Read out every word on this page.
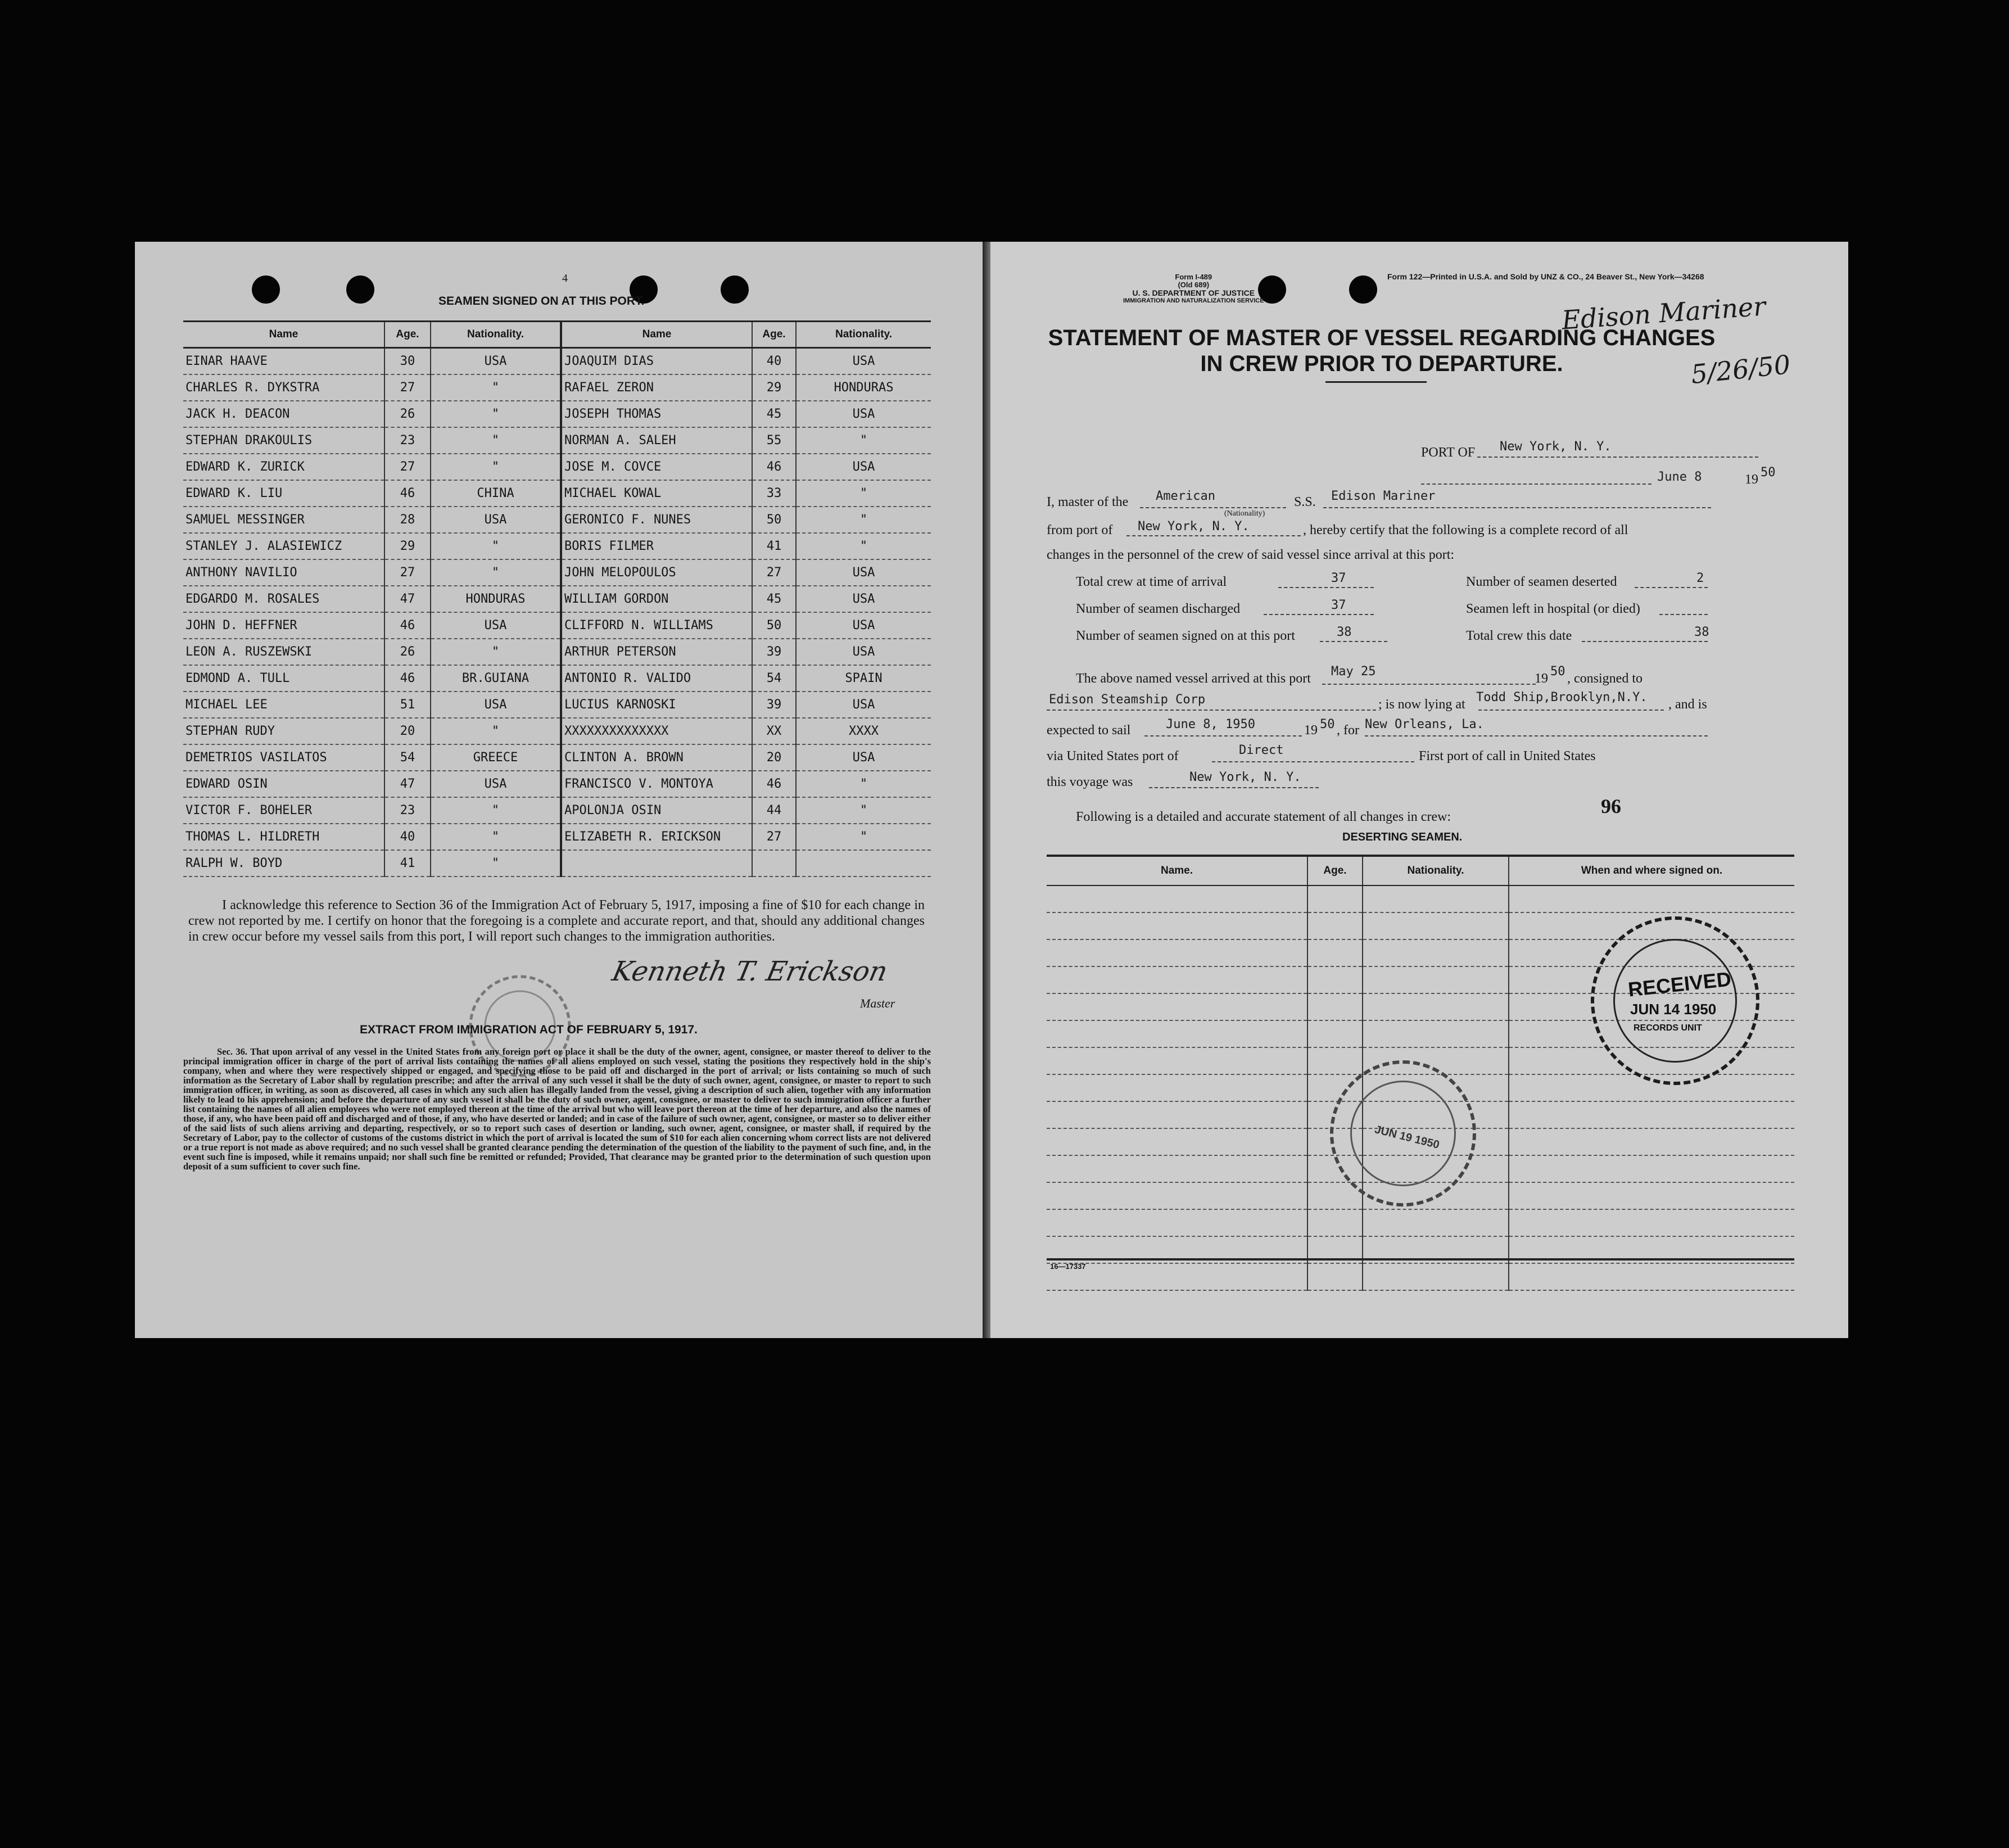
4
SEAMEN SIGNED ON AT THIS PORT.
Name	Age.	Nationality.	Name	Age.	Nationality.
EINAR HAAVE	30	USA	JOAQUIM DIAS	40	USA
CHARLES R. DYKSTRA	27	"	RAFAEL ZERON	29	HONDURAS
JACK H. DEACON	26	"	JOSEPH THOMAS	45	USA
STEPHAN DRAKOULIS	23	"	NORMAN A. SALEH	55	"
EDWARD K. ZURICK	27	"	JOSE M. COVCE	46	USA
EDWARD K. LIU	46	CHINA	MICHAEL KOWAL	33	"
SAMUEL MESSINGER	28	USA	GERONICO F. NUNES	50	"
STANLEY J. ALASIEWICZ	29	"	BORIS FILMER	41	"
ANTHONY NAVILIO	27	"	JOHN MELOPOULOS	27	USA
EDGARDO M. ROSALES	47	HONDURAS	WILLIAM GORDON	45	USA
JOHN D. HEFFNER	46	USA	CLIFFORD N. WILLIAMS	50	USA
LEON A. RUSZEWSKI	26	"	ARTHUR PETERSON	39	USA
EDMOND A. TULL	46	BR.GUIANA	ANTONIO R. VALIDO	54	SPAIN
MICHAEL LEE	51	USA	LUCIUS KARNOSKI	39	USA
STEPHAN RUDY	20	"	XXXXXXXXXXXXXX	XX	XXXX
DEMETRIOS VASILATOS	54	GREECE	CLINTON A. BROWN	20	USA
EDWARD OSIN	47	USA	FRANCISCO V. MONTOYA	46	"
VICTOR F. BOHELER	23	"	APOLONJA OSIN	44	"
THOMAS L. HILDRETH	40	"	ELIZABETH R. ERICKSON	27	"
RALPH W. BOYD	41	"			
I acknowledge this reference to Section 36 of the Immigration Act of February 5, 1917, imposing a fine of $10 for each change in crew not reported by me. I certify on honor that the foregoing is a complete and accurate report, and that, should any additional changes in crew occur before my vessel sails from this port, I will report such changes to the immigration authorities.
Kenneth T. Erickson
Master
EXTRACT FROM IMMIGRATION ACT OF FEBRUARY 5, 1917.
Sec. 36. That upon arrival of any vessel in the United States from any foreign port or place it shall be the duty of the owner, agent, consignee, or master thereof to deliver to the principal immigration officer in charge of the port of arrival lists containing the names of all aliens employed on such vessel, stating the positions they respectively hold in the ship's company, when and where they were respectively shipped or engaged, and specifying those to be paid off and discharged in the port of arrival; or lists containing so much of such information as the Secretary of Labor shall by regulation prescribe; and after the arrival of any such vessel it shall be the duty of such owner, agent, consignee, or master to report to such immigration officer, in writing, as soon as discovered, all cases in which any such alien has illegally landed from the vessel, giving a description of such alien, together with any information likely to lead to his apprehension; and before the departure of any such vessel it shall be the duty of such owner, agent, consignee, or master to deliver to such immigration officer a further list containing the names of all alien employees who were not employed thereon at the time of the arrival but who will leave port thereon at the time of her departure, and also the names of those, if any, who have been paid off and discharged and of those, if any, who have deserted or landed; and in case of the failure of such owner, agent, consignee, or master so to deliver either of the said lists of such aliens arriving and departing, respectively, or so to report such cases of desertion or landing, such owner, agent, consignee, or master shall, if required by the Secretary of Labor, pay to the collector of customs of the customs district in which the port of arrival is located the sum of $10 for each alien concerning whom correct lists are not delivered or a true report is not made as above required; and no such vessel shall be granted clearance pending the determination of the question of the liability to the payment of such fine, and, in the event such fine is imposed, while it remains unpaid; nor shall such fine be remitted or refunded; Provided, That clearance may be granted prior to the determination of such question upon deposit of a sum sufficient to cover such fine.
Form I-489
(Old 689)
U. S. DEPARTMENT OF JUSTICE
IMMIGRATION AND NATURALIZATION SERVICE
Form 122—Printed in U.S.A. and Sold by UNZ & CO., 24 Beaver St., New York—34268
Edison Mariner
5/26/50
STATEMENT OF MASTER OF VESSEL REGARDING CHANGES
IN CREW PRIOR TO DEPARTURE.
PORT OF New York, N. Y.
June 8	19 50
I, master of the American
(Nationality)
S.S. Edison Mariner
from port of New York, N. Y.	, hereby certify that the following is a complete record of all
changes in the personnel of the crew of said vessel since arrival at this port:
Total crew at time of arrival	37	Number of seamen deserted	2
Number of seamen discharged	37	Seamen left in hospital (or died)
Number of seamen signed on at this port	38	Total crew this date	38
The above named vessel arrived at this port May 25	19 50 , consigned to
Edison Steamship Corp	; is now lying at Todd Ship,Brooklyn,N.Y. , and is
expected to sail	June 8, 1950	19 50 , for New Orleans, La.
via United States port of	Direct	First port of call in United States
this voyage was	New York, N. Y.
Following is a detailed and accurate statement of all changes in crew:	96
DESERTING SEAMEN.
Name.	Age.	Nationality.	When and where signed on.

16—17337
RECEIVED
JUN 14 1950
RECORDS UNIT
JUN 19 1950
